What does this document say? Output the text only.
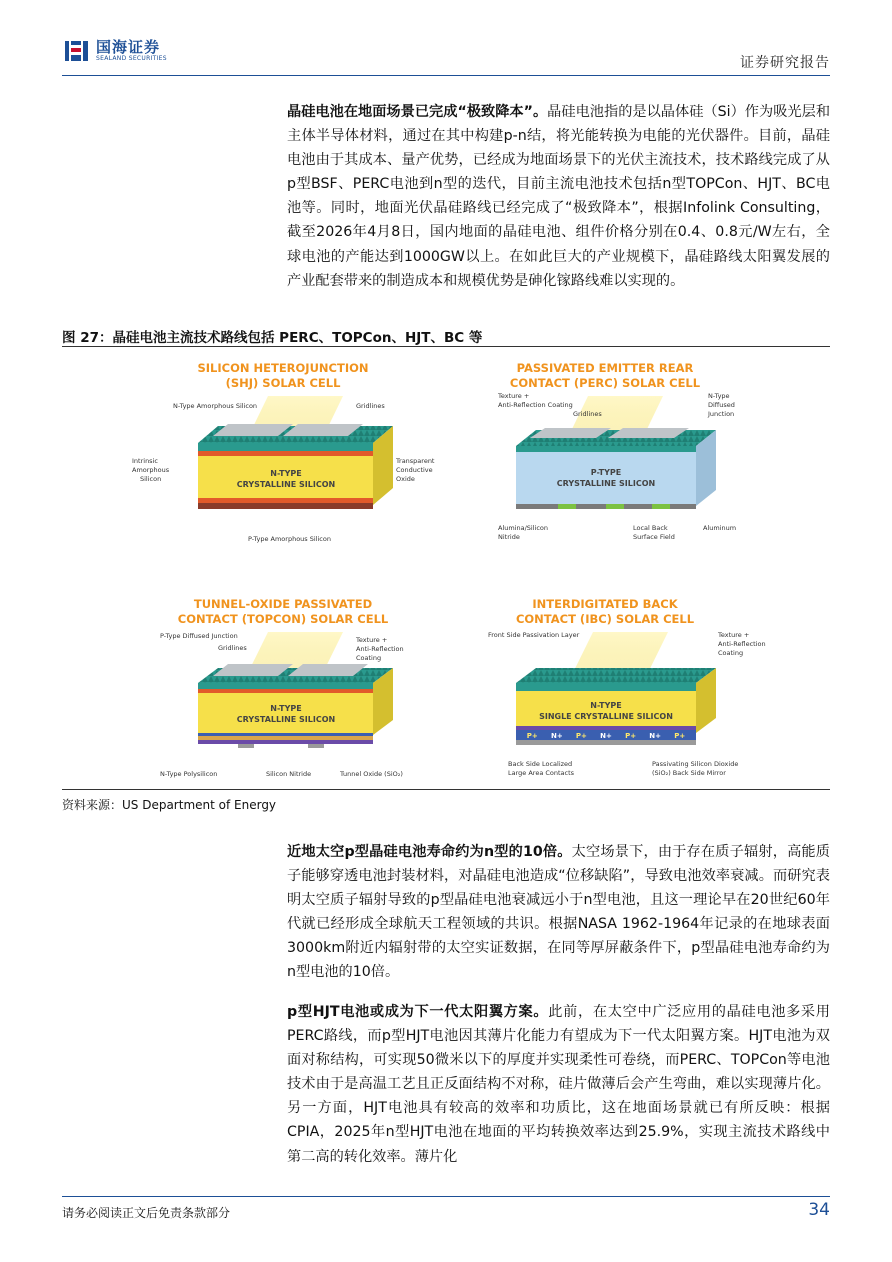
国海证券
SEALAND SECURITIES	证券研究报告
晶硅电池在地面场景已完成“极致降本”。晶硅电池指的是以晶体硅（Si）作为吸光层和主体半导体材料，通过在其中构建p-n结，将光能转换为电能的光伏器件。目前，晶硅电池由于其成本、量产优势，已经成为地面场景下的光伏主流技术，技术路线完成了从p型BSF、PERC电池到n型的迭代，目前主流电池技术包括n型TOPCon、HJT、BC电池等。同时，地面光伏晶硅路线已经完成了“极致降本”，根据Infolink Consulting，截至2026年4月8日，国内地面的晶硅电池、组件价格分别在0.4、0.8元/W左右，全球电池的产能达到1000GW以上。在如此巨大的产业规模下，晶硅路线太阳翼发展的产业配套带来的制造成本和规模优势是砷化镓路线难以实现的。
图 27：晶硅电池主流技术路线包括 PERC、TOPCon、HJT、BC 等
SILICON HETEROJUNCTION
(SHJ) SOLAR CELL
N-TYPE
CRYSTALLINE SILICON
N-Type Amorphous Silicon	Gridlines
Intrinsic
Amorphous
Silicon
Transparent
Conductive
Oxide
P-Type Amorphous Silicon
PASSIVATED EMITTER REAR
CONTACT (PERC) SOLAR CELL
P-TYPE
CRYSTALLINE SILICON
Texture +
Anti-Reflection Coating
Gridlines
N-Type
Diffused
Junction
Alumina/Silicon
Nitride
Local Back
Surface Field
Aluminum
TUNNEL-OXIDE PASSIVATED
CONTACT (TOPCON) SOLAR CELL
N-TYPE
CRYSTALLINE SILICON
P-Type Diffused Junction
Gridlines
Texture +
Anti-Reflection
Coating
N-Type Polysilicon	Silicon Nitride	Tunnel Oxide (SiO₂)
INTERDIGITATED BACK
CONTACT (IBC) SOLAR CELL
N-TYPE
SINGLE CRYSTALLINE SILICON
P+ N+ P+ N+ P+ N+ P+
Front Side Passivation Layer	Texture +
Anti-Reflection
Coating
Back Side Localized
Large Area Contacts
Passivating Silicon Dioxide
(SiO₂) Back Side Mirror
资料来源：US Department of Energy
近地太空p型晶硅电池寿命约为n型的10倍。太空场景下，由于存在质子辐射，高能质子能够穿透电池封装材料，对晶硅电池造成“位移缺陷”，导致电池效率衰减。而研究表明太空质子辐射导致的p型晶硅电池衰减远小于n型电池，且这一理论早在20世纪60年代就已经形成全球航天工程领域的共识。根据NASA 1962-1964年记录的在地球表面3000km附近内辐射带的太空实证数据，在同等厚屏蔽条件下，p型晶硅电池寿命约为n型电池的10倍。
p型HJT电池或成为下一代太阳翼方案。此前，在太空中广泛应用的晶硅电池多采用PERC路线，而p型HJT电池因其薄片化能力有望成为下一代太阳翼方案。HJT电池为双面对称结构，可实现50微米以下的厚度并实现柔性可卷绕，而PERC、TOPCon等电池技术由于是高温工艺且正反面结构不对称，硅片做薄后会产生弯曲，难以实现薄片化。另一方面，HJT电池具有较高的效率和功质比，这在地面场景就已有所反映：根据CPIA，2025年n型HJT电池在地面的平均转换效率达到25.9%，实现主流技术路线中第二高的转化效率。薄片化
请务必阅读正文后免责条款部分	34
